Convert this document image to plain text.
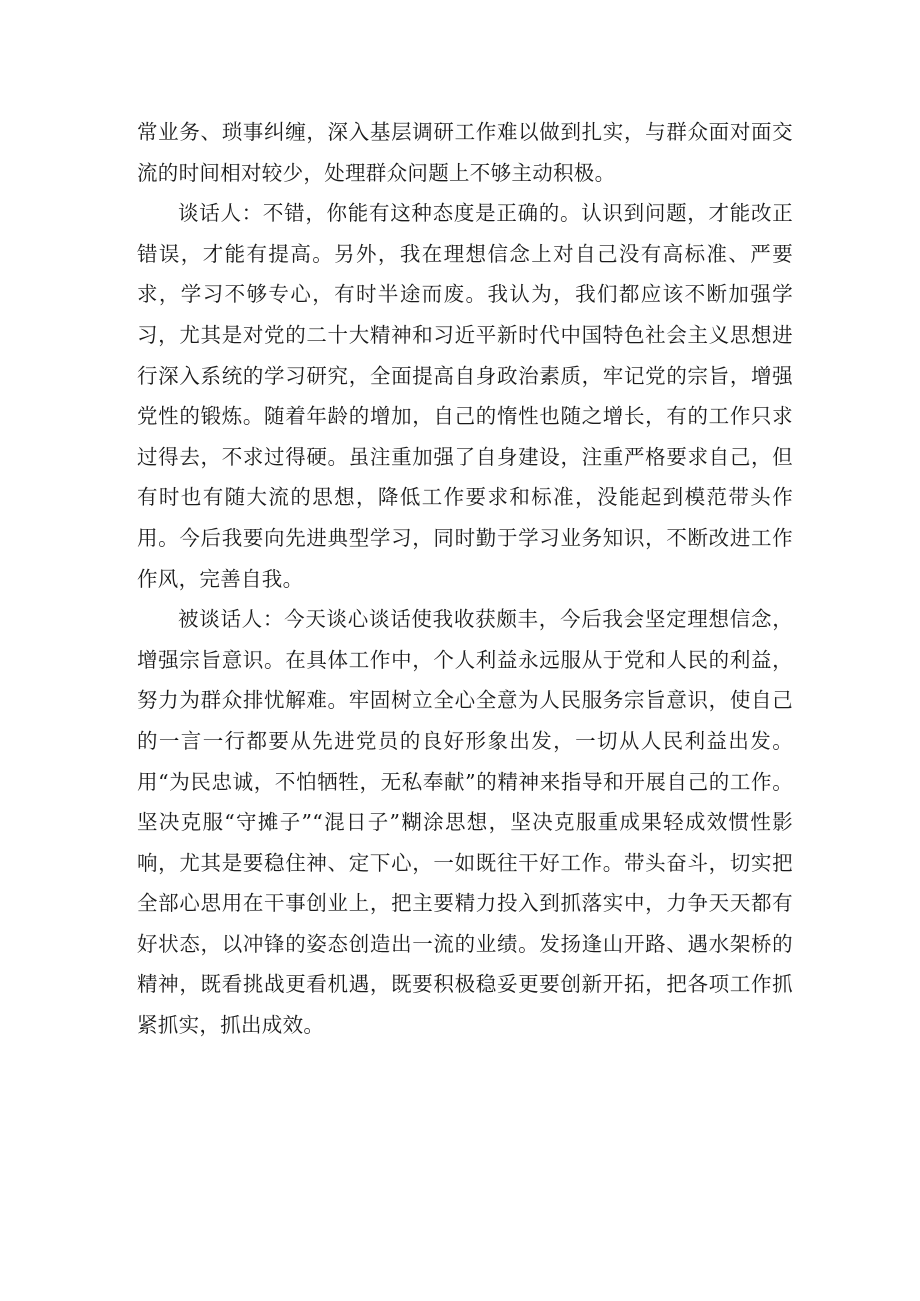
常业务、琐事纠缠，深入基层调研工作难以做到扎实，与群众面对面交流的时间相对较少，处理群众问题上不够主动积极。

谈话人：不错，你能有这种态度是正确的。认识到问题，才能改正错误，才能有提高。另外，我在理想信念上对自己没有高标准、严要求，学习不够专心，有时半途而废。我认为，我们都应该不断加强学习，尤其是对党的二十大精神和习近平新时代中国特色社会主义思想进行深入系统的学习研究，全面提高自身政治素质，牢记党的宗旨，增强党性的锻炼。随着年龄的增加，自己的惰性也随之增长，有的工作只求过得去，不求过得硬。虽注重加强了自身建设，注重严格要求自己，但有时也有随大流的思想，降低工作要求和标准，没能起到模范带头作用。今后我要向先进典型学习，同时勤于学习业务知识，不断改进工作作风，完善自我。

被谈话人：今天谈心谈话使我收获颇丰，今后我会坚定理想信念，增强宗旨意识。在具体工作中，个人利益永远服从于党和人民的利益，努力为群众排忧解难。牢固树立全心全意为人民服务宗旨意识，使自己的一言一行都要从先进党员的良好形象出发，一切从人民利益出发。用“为民忠诚，不怕牺牲，无私奉献”的精神来指导和开展自己的工作。坚决克服“守摊子”“混日子”糊涂思想，坚决克服重成果轻成效惯性影响，尤其是要稳住神、定下心，一如既往干好工作。带头奋斗，切实把全部心思用在干事创业上，把主要精力投入到抓落实中，力争天天都有好状态，以冲锋的姿态创造出一流的业绩。发扬逢山开路、遇水架桥的精神，既看挑战更看机遇，既要积极稳妥更要创新开拓，把各项工作抓紧抓实，抓出成效。
